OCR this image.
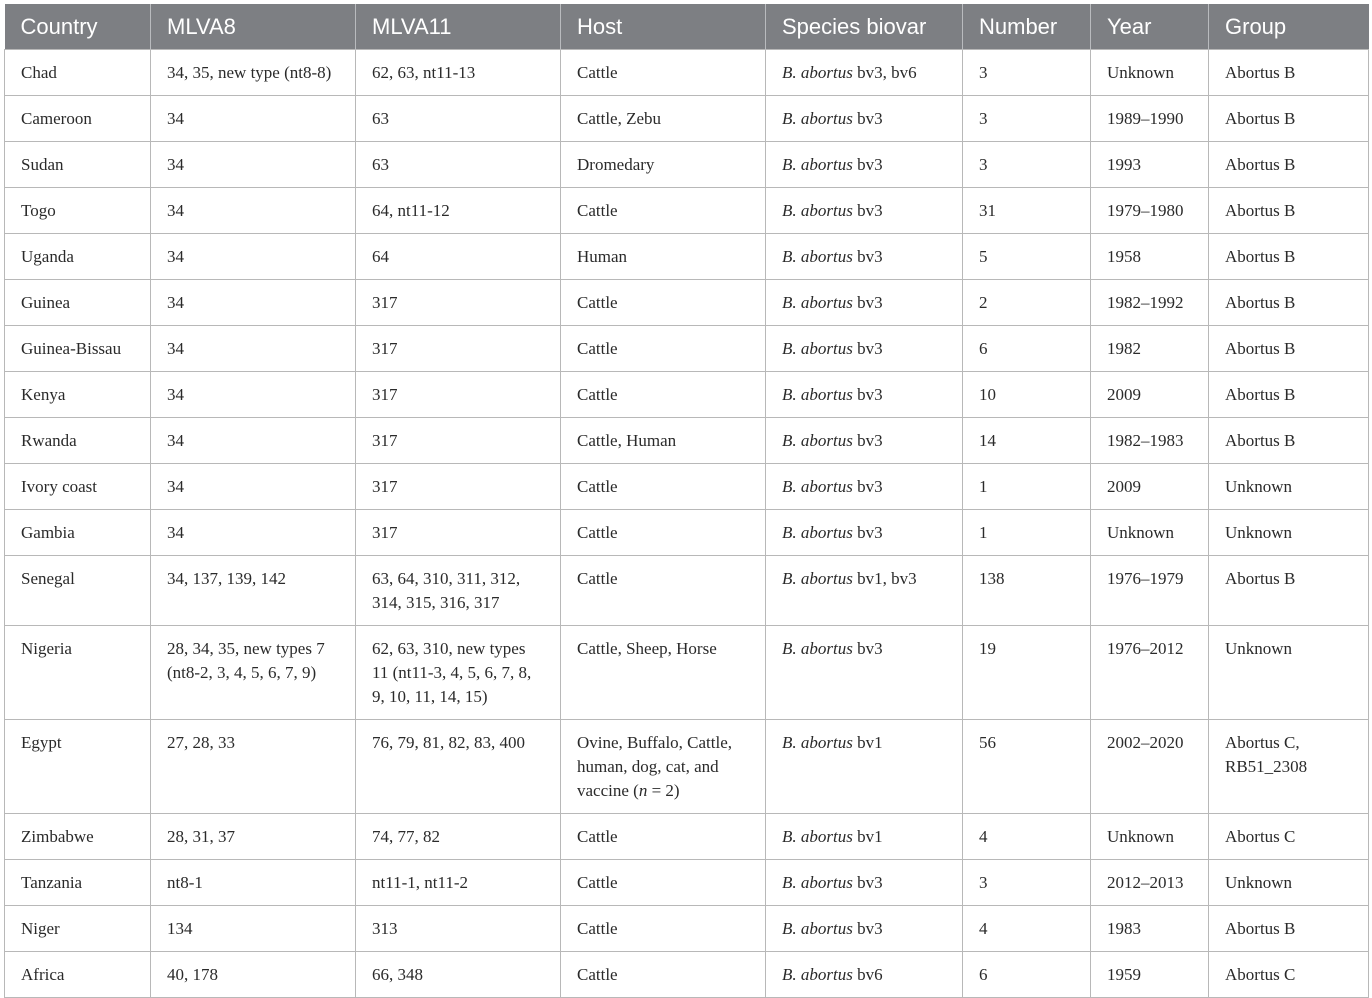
Country	MLVA8	MLVA11	Host	Species biovar	Number	Year	Group
Chad	34, 35, new type (nt8-8)	62, 63, nt11-13	Cattle	B. abortus bv3, bv6	3	Unknown	Abortus B
Cameroon	34	63	Cattle, Zebu	B. abortus bv3	3	1989–1990	Abortus B
Sudan	34	63	Dromedary	B. abortus bv3	3	1993	Abortus B
Togo	34	64, nt11-12	Cattle	B. abortus bv3	31	1979–1980	Abortus B
Uganda	34	64	Human	B. abortus bv3	5	1958	Abortus B
Guinea	34	317	Cattle	B. abortus bv3	2	1982–1992	Abortus B
Guinea-Bissau	34	317	Cattle	B. abortus bv3	6	1982	Abortus B
Kenya	34	317	Cattle	B. abortus bv3	10	2009	Abortus B
Rwanda	34	317	Cattle, Human	B. abortus bv3	14	1982–1983	Abortus B
Ivory coast	34	317	Cattle	B. abortus bv3	1	2009	Unknown
Gambia	34	317	Cattle	B. abortus bv3	1	Unknown	Unknown
Senegal	34, 137, 139, 142	63, 64, 310, 311, 312, 314, 315, 316, 317	Cattle	B. abortus bv1, bv3	138	1976–1979	Abortus B
Nigeria	28, 34, 35, new types 7 (nt8-2, 3, 4, 5, 6, 7, 9)	62, 63, 310, new types 11 (nt11-3, 4, 5, 6, 7, 8, 9, 10, 11, 14, 15)	Cattle, Sheep, Horse	B. abortus bv3	19	1976–2012	Unknown
Egypt	27, 28, 33	76, 79, 81, 82, 83, 400	Ovine, Buffalo, Cattle, human, dog, cat, and vaccine (n = 2)	B. abortus bv1	56	2002–2020	Abortus C, RB51_2308
Zimbabwe	28, 31, 37	74, 77, 82	Cattle	B. abortus bv1	4	Unknown	Abortus C
Tanzania	nt8-1	nt11-1, nt11-2	Cattle	B. abortus bv3	3	2012–2013	Unknown
Niger	134	313	Cattle	B. abortus bv3	4	1983	Abortus B
Africa	40, 178	66, 348	Cattle	B. abortus bv6	6	1959	Abortus C
